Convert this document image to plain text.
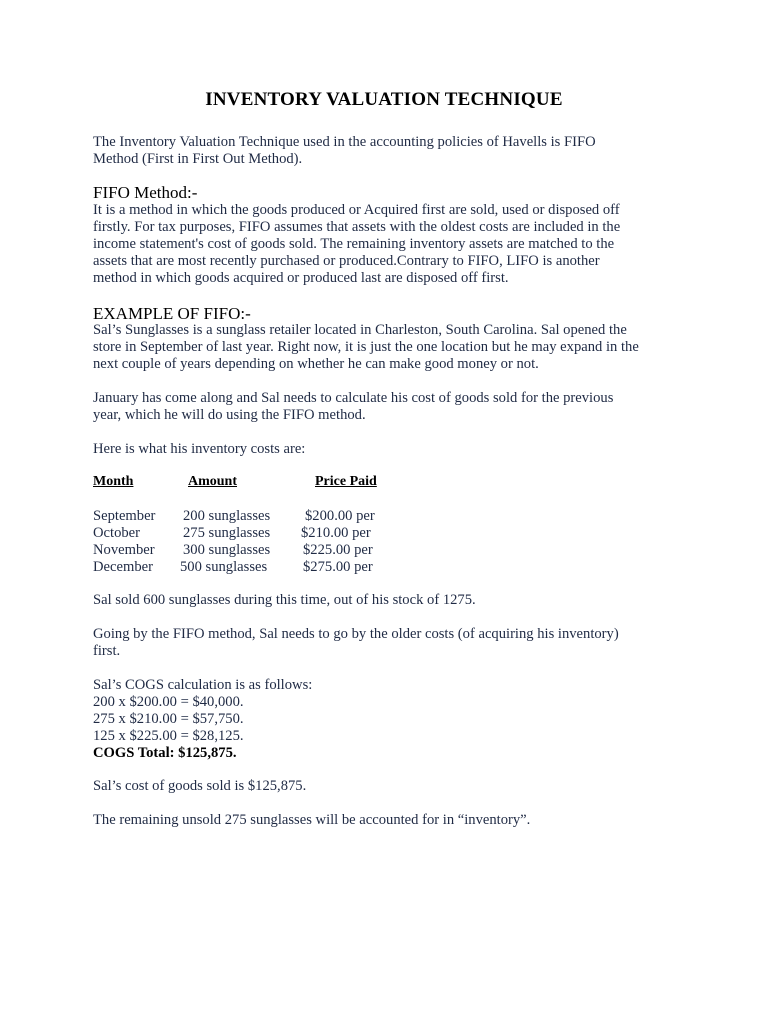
INVENTORY VALUATION TECHNIQUE
The Inventory Valuation Technique used in the accounting policies of Havells is FIFO
Method (First in First Out Method).
FIFO Method:-
It is a method in which the goods produced or Acquired first are sold, used or disposed off
firstly. For tax purposes, FIFO assumes that assets with the oldest costs are included in the
income statement's cost of goods sold. The remaining inventory assets are matched to the
assets that are most recently purchased or produced.Contrary to FIFO, LIFO is another
method in which goods acquired or produced last are disposed off first.
EXAMPLE OF FIFO:-
Sal’s Sunglasses is a sunglass retailer located in Charleston, South Carolina. Sal opened the
store in September of last year. Right now, it is just the one location but he may expand in the
next couple of years depending on whether he can make good money or not.
January has come along and Sal needs to calculate his cost of goods sold for the previous
year, which he will do using the FIFO method.
Here is what his inventory costs are:
Month	Amount	Price Paid
September 200 sunglasses $200.00 per
October	275 sunglasses $210.00 per
November 300 sunglasses $225.00 per
December 500 sunglasses $275.00 per
Sal sold 600 sunglasses during this time, out of his stock of 1275.
Going by the FIFO method, Sal needs to go by the older costs (of acquiring his inventory)
first.
Sal’s COGS calculation is as follows:
200 x $200.00 = $40,000.
275 x $210.00 = $57,750.
125 x $225.00 = $28,125.
COGS Total: $125,875.
Sal’s cost of goods sold is $125,875.
The remaining unsold 275 sunglasses will be accounted for in “inventory”.
